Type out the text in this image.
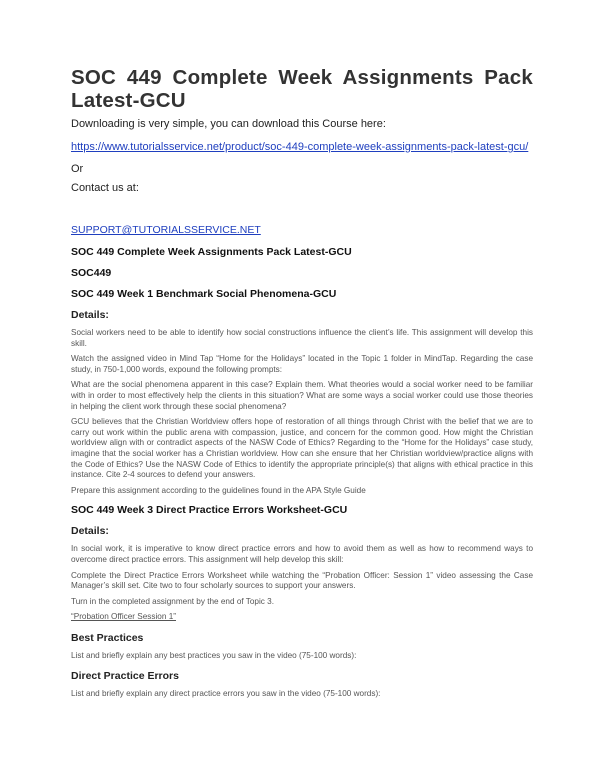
SOC 449 Complete Week Assignments Pack Latest-GCU

Downloading is very simple, you can download this Course here:

https://www.tutorialsservice.net/product/soc-449-complete-week-assignments-pack-latest-gcu/

Or

Contact us at:

SUPPORT@TUTORIALSSERVICE.NET

SOC 449 Complete Week Assignments Pack Latest-GCU

SOC449

SOC 449 Week 1 Benchmark Social Phenomena-GCU

Details:

Social workers need to be able to identify how social constructions influence the client’s life. This assignment will develop this skill.

Watch the assigned video in Mind Tap “Home for the Holidays” located in the Topic 1 folder in MindTap. Regarding the case study, in 750-1,000 words, expound the following prompts:

What are the social phenomena apparent in this case? Explain them. What theories would a social worker need to be familiar with in order to most effectively help the clients in this situation? What are some ways a social worker could use those theories in helping the client work through these social phenomena?

GCU believes that the Christian Worldview offers hope of restoration of all things through Christ with the belief that we are to carry out work within the public arena with compassion, justice, and concern for the common good. How might the Christian worldview align with or contradict aspects of the NASW Code of Ethics? Regarding to the “Home for the Holidays” case study, imagine that the social worker has a Christian worldview. How can she ensure that her Christian worldview/practice aligns with the Code of Ethics? Use the NASW Code of Ethics to identify the appropriate principle(s) that aligns with ethical practice in this instance. Cite 2-4 sources to defend your answers.

Prepare this assignment according to the guidelines found in the APA Style Guide

SOC 449 Week 3 Direct Practice Errors Worksheet-GCU

Details:

In social work, it is imperative to know direct practice errors and how to avoid them as well as how to recommend ways to overcome direct practice errors. This assignment will help develop this skill:

Complete the Direct Practice Errors Worksheet while watching the “Probation Officer: Session 1” video assessing the Case Manager’s skill set. Cite two to four scholarly sources to support your answers.

Turn in the completed assignment by the end of Topic 3.

“Probation Officer Session 1”

Best Practices

List and briefly explain any best practices you saw in the video (75-100 words):

Direct Practice Errors

List and briefly explain any direct practice errors you saw in the video (75-100 words):
